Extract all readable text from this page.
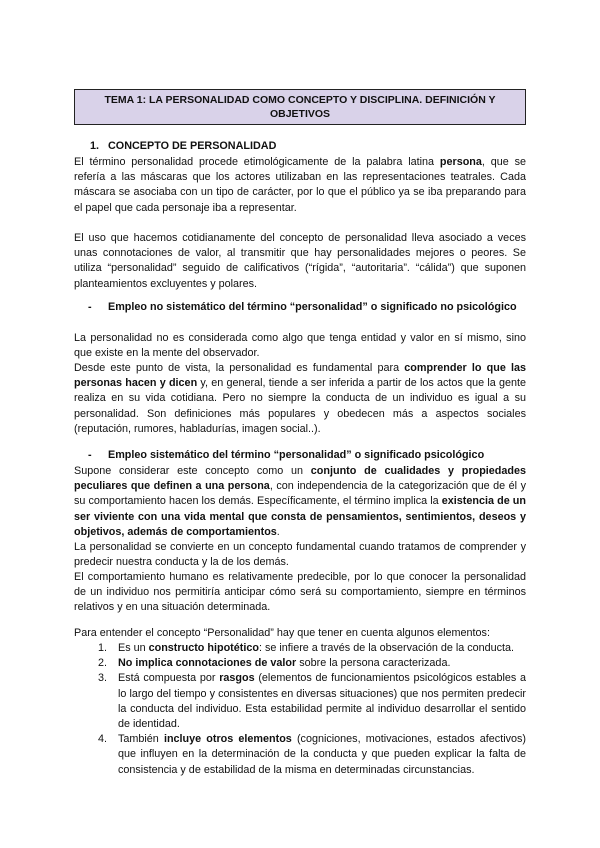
TEMA 1: LA PERSONALIDAD COMO CONCEPTO Y DISCIPLINA. DEFINICIÓN Y OBJETIVOS
1. CONCEPTO DE PERSONALIDAD

El término personalidad procede etimológicamente de la palabra latina persona, que se refería a las máscaras que los actores utilizaban en las representaciones teatrales. Cada máscara se asociaba con un tipo de carácter, por lo que el público ya se iba preparando para el papel que cada personaje iba a representar.

El uso que hacemos cotidianamente del concepto de personalidad lleva asociado a veces unas connotaciones de valor, al transmitir que hay personalidades mejores o peores. Se utiliza “personalidad” seguido de calificativos (“rígida”, “autoritaria”. “cálida”) que suponen planteamientos excluyentes y polares.

-	Empleo no sistemático del término “personalidad” o significado no psicológico

La personalidad no es considerada como algo que tenga entidad y valor en sí mismo, sino que existe en la mente del observador.

Desde este punto de vista, la personalidad es fundamental para comprender lo que las personas hacen y dicen y, en general, tiende a ser inferida a partir de los actos que la gente realiza en su vida cotidiana. Pero no siempre la conducta de un individuo es igual a su personalidad. Son definiciones más populares y obedecen más a aspectos sociales (reputación, rumores, habladurías, imagen social..).

-	Empleo sistemático del término “personalidad” o significado psicológico

Supone considerar este concepto como un conjunto de cualidades y propiedades peculiares que definen a una persona, con independencia de la categorización que de él y su comportamiento hacen los demás. Específicamente, el término implica la existencia de un ser viviente con una vida mental que consta de pensamientos, sentimientos, deseos y objetivos, además de comportamientos.

La personalidad se convierte en un concepto fundamental cuando tratamos de comprender y predecir nuestra conducta y la de los demás.

El comportamiento humano es relativamente predecible, por lo que conocer la personalidad de un individuo nos permitiría anticipar cómo será su comportamiento, siempre en términos relativos y en una situación determinada.

Para entender el concepto “Personalidad” hay que tener en cuenta algunos elementos:

1.	Es un constructo hipotético: se infiere a través de la observación de la conducta.
2.	No implica connotaciones de valor sobre la persona caracterizada.
3.	Está compuesta por rasgos (elementos de funcionamientos psicológicos estables a lo largo del tiempo y consistentes en diversas situaciones) que nos permiten predecir la conducta del individuo. Esta estabilidad permite al individuo desarrollar el sentido de identidad.
4.	También incluye otros elementos (cogniciones, motivaciones, estados afectivos) que influyen en la determinación de la conducta y que pueden explicar la falta de consistencia y de estabilidad de la misma en determinadas circunstancias.
